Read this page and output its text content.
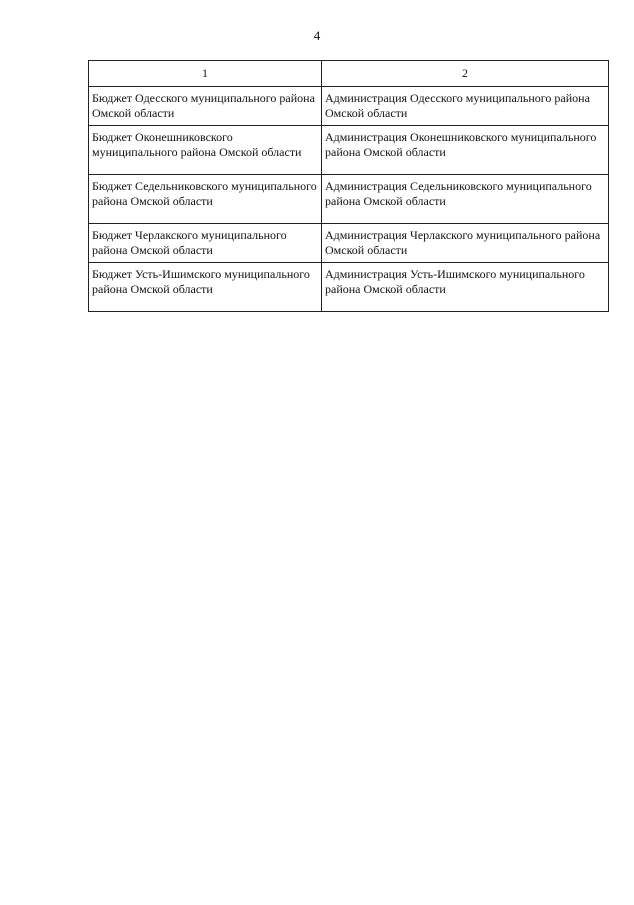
4
1	2
Бюджет Одесского муниципального района Омской области	Администрация Одесского муниципального района Омской области
Бюджет Оконешниковского муниципального района Омской области	Администрация Оконешниковского муниципального района Омской области
Бюджет Седельниковского муниципального района Омской области	Администрация Седельниковского муниципального района Омской области
Бюджет Черлакского муниципального района Омской области	Администрация Черлакского муниципального района Омской области
Бюджет Усть-Ишимского муниципального района Омской области	Администрация Усть-Ишимского муниципального района Омской области
